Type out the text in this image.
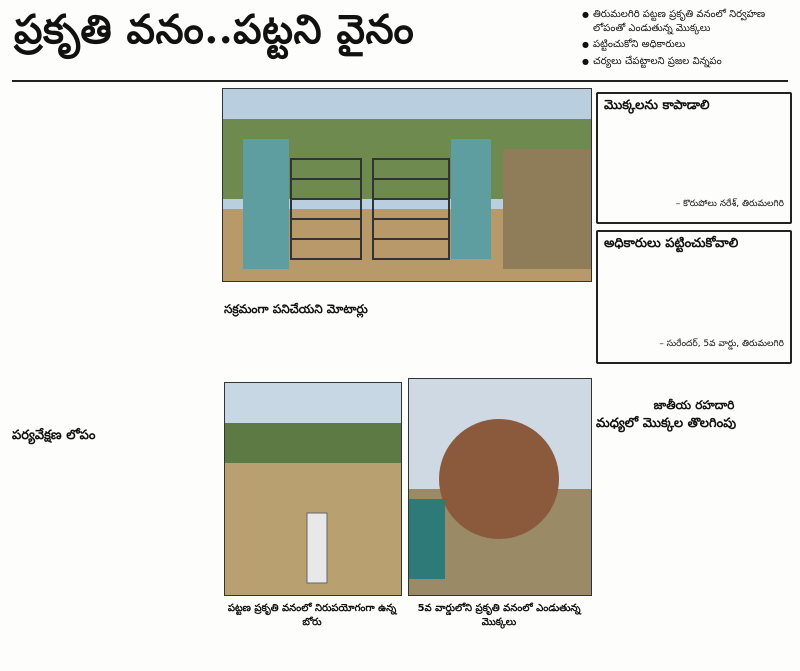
ప్రకృతి వనం..పట్టని వైనం	● తిరుమలగిరి పట్టణ ప్రకృతి వనంలో నిర్వహణ లోపంతో ఎండుతున్న మొక్కలు
● పట్టించుకోని అధికారులు
● చర్యలు చేపట్టాలని ప్రజల విన్నపం
పర్యవేక్షణ లోపం
సక్రమంగా పనిచేయని మోటార్లు
పట్టణ ప్రకృతి వనంలో నిరుపయోగంగా ఉన్న బోరు
5వ వార్డులోని ప్రకృతి వనంలో ఎండుతున్న మొక్కలు
మొక్కలను కాపాడాలి
– కొరుపోలు నరేశ్, తిరుమలగిరి
అధికారులు పట్టించుకోవాలి
– సురేందర్, 5వ వార్డు, తిరుమలగిరి
జాతీయ రహదారి
మధ్యలో మొక్కల తొలగింపు
